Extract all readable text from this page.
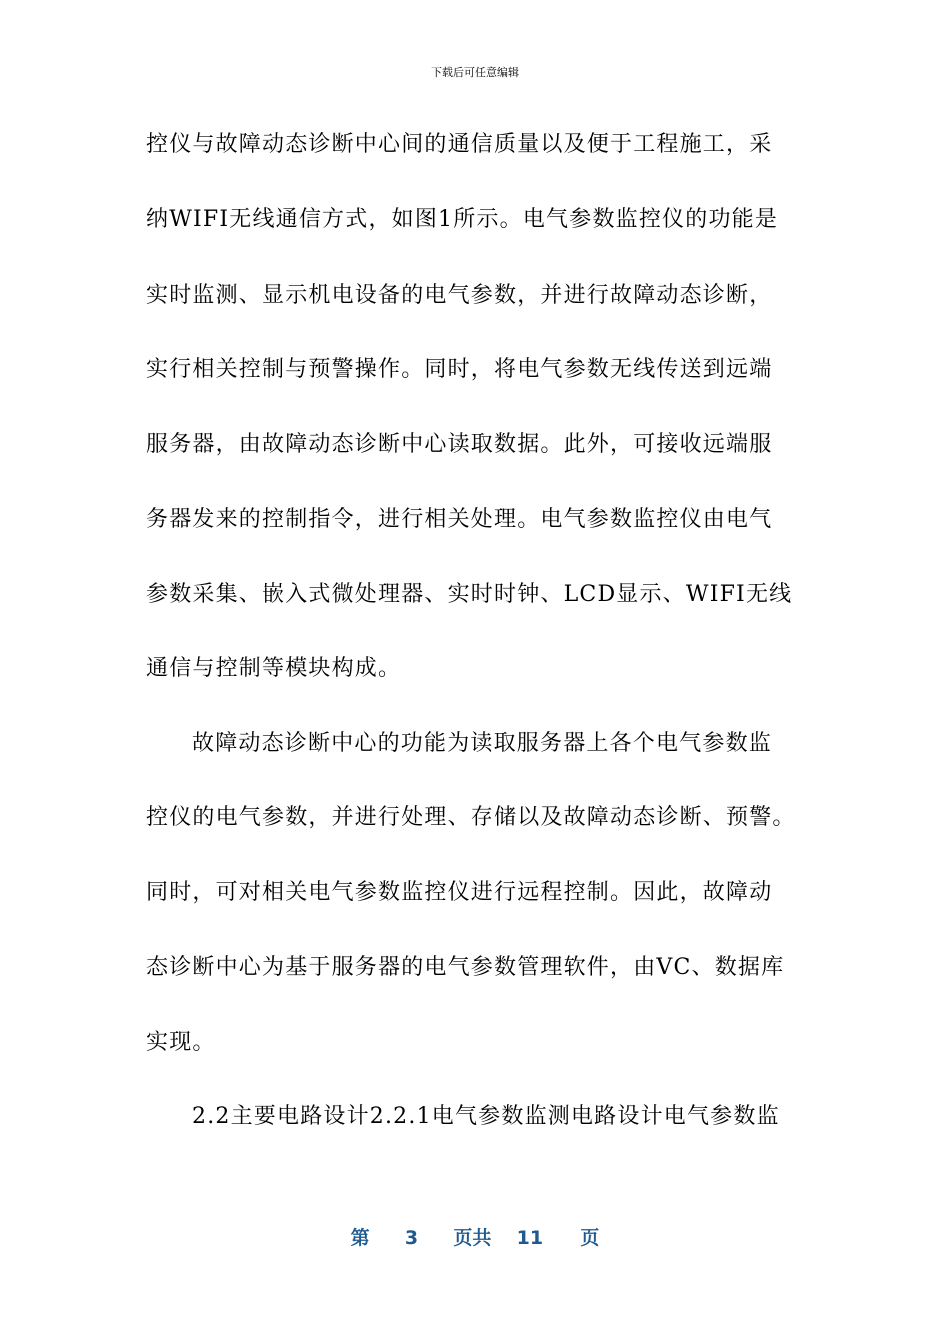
下载后可任意编辑
控仪与故障动态诊断中心间的通信质量以及便于工程施工，采
纳WIFI无线通信方式，如图1所示。电气参数监控仪的功能是
实时监测、显示机电设备的电气参数，并进行故障动态诊断，
实行相关控制与预警操作。同时，将电气参数无线传送到远端
服务器，由故障动态诊断中心读取数据。此外，可接收远端服
务器发来的控制指令，进行相关处理。电气参数监控仪由电气
参数采集、嵌入式微处理器、实时时钟、LCD显示、WIFI无线
通信与控制等模块构成。
故障动态诊断中心的功能为读取服务器上各个电气参数监
控仪的电气参数，并进行处理、存储以及故障动态诊断、预警。
同时，可对相关电气参数监控仪进行远程控制。因此，故障动
态诊断中心为基于服务器的电气参数管理软件，由VC、数据库
实现。
2.2主要电路设计2.2.1电气参数监测电路设计电气参数监
第 3 页共 11 页
